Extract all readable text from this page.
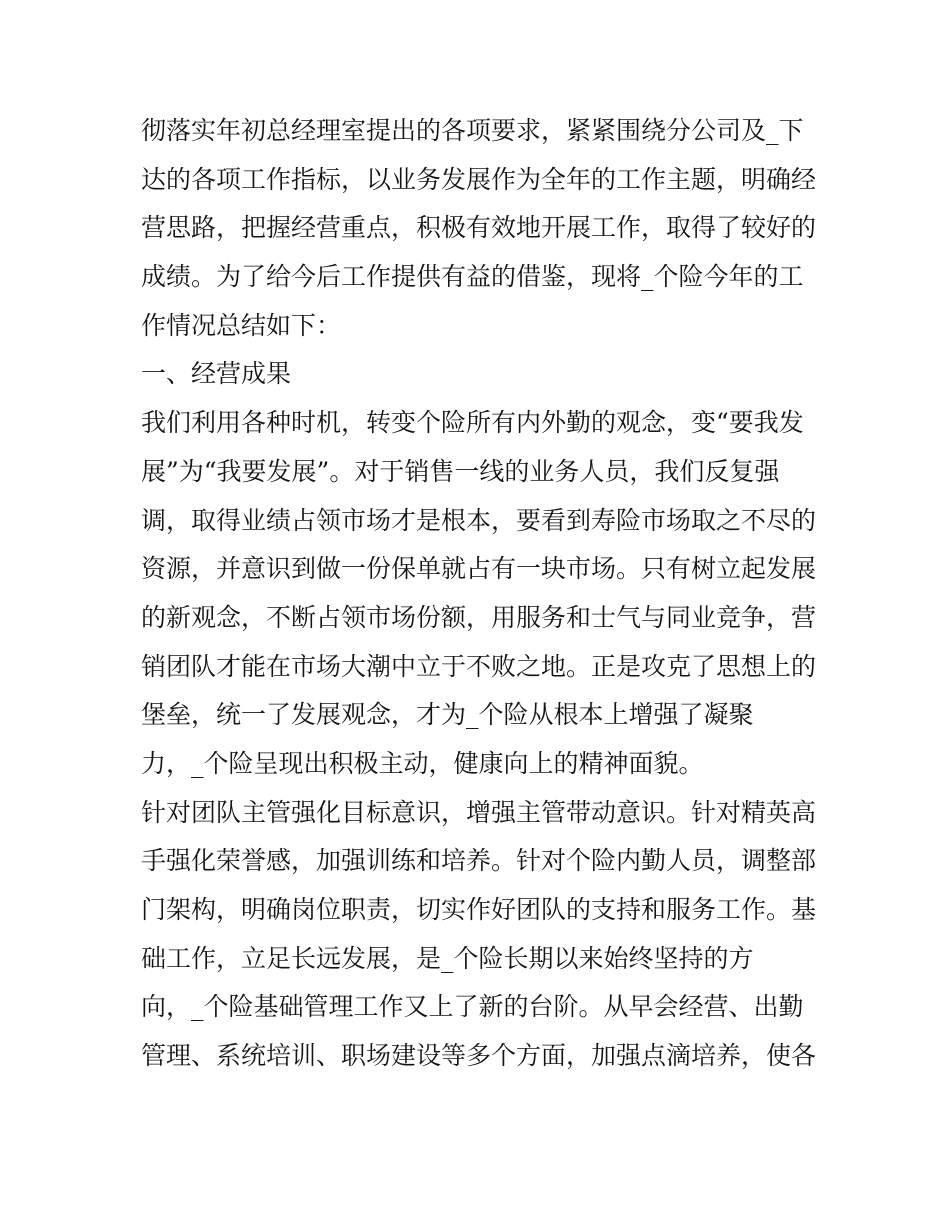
彻落实年初总经理室提出的各项要求，紧紧围绕分公司及_下
达的各项工作指标，以业务发展作为全年的工作主题，明确经
营思路，把握经营重点，积极有效地开展工作，取得了较好的
成绩。为了给今后工作提供有益的借鉴，现将_个险今年的工
作情况总结如下：
一、经营成果
我们利用各种时机，转变个险所有内外勤的观念，变“要我发
展”为“我要发展”。对于销售一线的业务人员，我们反复强
调，取得业绩占领市场才是根本，要看到寿险市场取之不尽的
资源，并意识到做一份保单就占有一块市场。只有树立起发展
的新观念，不断占领市场份额，用服务和士气与同业竞争，营
销团队才能在市场大潮中立于不败之地。正是攻克了思想上的
堡垒，统一了发展观念，才为_个险从根本上增强了凝聚
力，_个险呈现出积极主动，健康向上的精神面貌。
针对团队主管强化目标意识，增强主管带动意识。针对精英高
手强化荣誉感，加强训练和培养。针对个险内勤人员，调整部
门架构，明确岗位职责，切实作好团队的支持和服务工作。基
础工作，立足长远发展，是_个险长期以来始终坚持的方
向，_个险基础管理工作又上了新的台阶。从早会经营、出勤
管理、系统培训、职场建设等多个方面，加强点滴培养，使各
